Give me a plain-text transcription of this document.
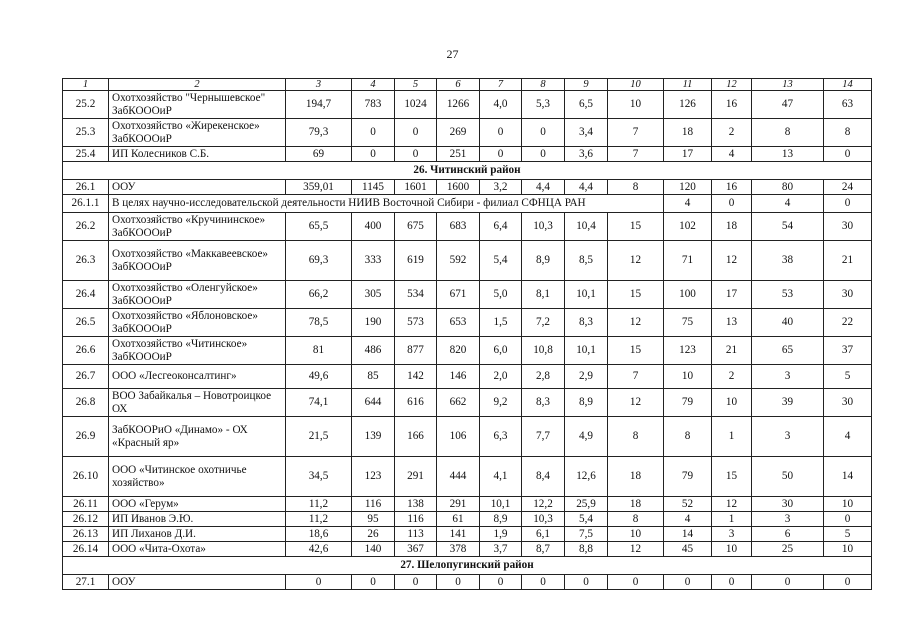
27
1	2	3	4	5	6	7	8	9	10	11	12	13	14
25.2	Охотхозяйство "Чернышевское" ЗабКОООиР	194,7	783	1024	1266	4,0	5,3	6,5	10	126	16	47	63
25.3	Охотхозяйство «Жирекенское» ЗабКОООиР	79,3	0	0	269	0	0	3,4	7	18	2	8	8
25.4	ИП Колесников С.Б.	69	0	0	251	0	0	3,6	7	17	4	13	0
26. Читинский район													
26.1	ООУ	359,01	1145	1601	1600	3,2	4,4	4,4	8	120	16	80	24
26.1.1	В целях научно-исследовательской деятельности НИИВ Восточной Сибири - филиал СФНЦА РАН									4	0	4	0
26.2	Охотхозяйство «Кручининское» ЗабКОООиР	65,5	400	675	683	6,4	10,3	10,4	15	102	18	54	30
26.3	Охотхозяйство «Маккавеевское» ЗабКОООиР	69,3	333	619	592	5,4	8,9	8,5	12	71	12	38	21
26.4	Охотхозяйство «Оленгуйское» ЗабКОООиР	66,2	305	534	671	5,0	8,1	10,1	15	100	17	53	30
26.5	Охотхозяйство «Яблоновское» ЗабКОООиР	78,5	190	573	653	1,5	7,2	8,3	12	75	13	40	22
26.6	Охотхозяйство «Читинское» ЗабКОООиР	81	486	877	820	6,0	10,8	10,1	15	123	21	65	37
26.7	ООО «Лесгеоконсалтинг»	49,6	85	142	146	2,0	2,8	2,9	7	10	2	3	5
26.8	ВОО Забайкалья – Новотроицкое ОХ	74,1	644	616	662	9,2	8,3	8,9	12	79	10	39	30
26.9	ЗабКООРиО «Динамо» - ОХ «Красный яр»	21,5	139	166	106	6,3	7,7	4,9	8	8	1	3	4
26.10	ООО «Читинское охотничье хозяйство»	34,5	123	291	444	4,1	8,4	12,6	18	79	15	50	14
26.11	ООО «Герум»	11,2	116	138	291	10,1	12,2	25,9	18	52	12	30	10
26.12	ИП Иванов Э.Ю.	11,2	95	116	61	8,9	10,3	5,4	8	4	1	3	0
26.13	ИП Лиханов Д.И.	18,6	26	113	141	1,9	6,1	7,5	10	14	3	6	5
26.14	ООО «Чита-Охота»	42,6	140	367	378	3,7	8,7	8,8	12	45	10	25	10
27. Шелопугинский район													
27.1	ООУ	0	0	0	0	0	0	0	0	0	0	0	0
